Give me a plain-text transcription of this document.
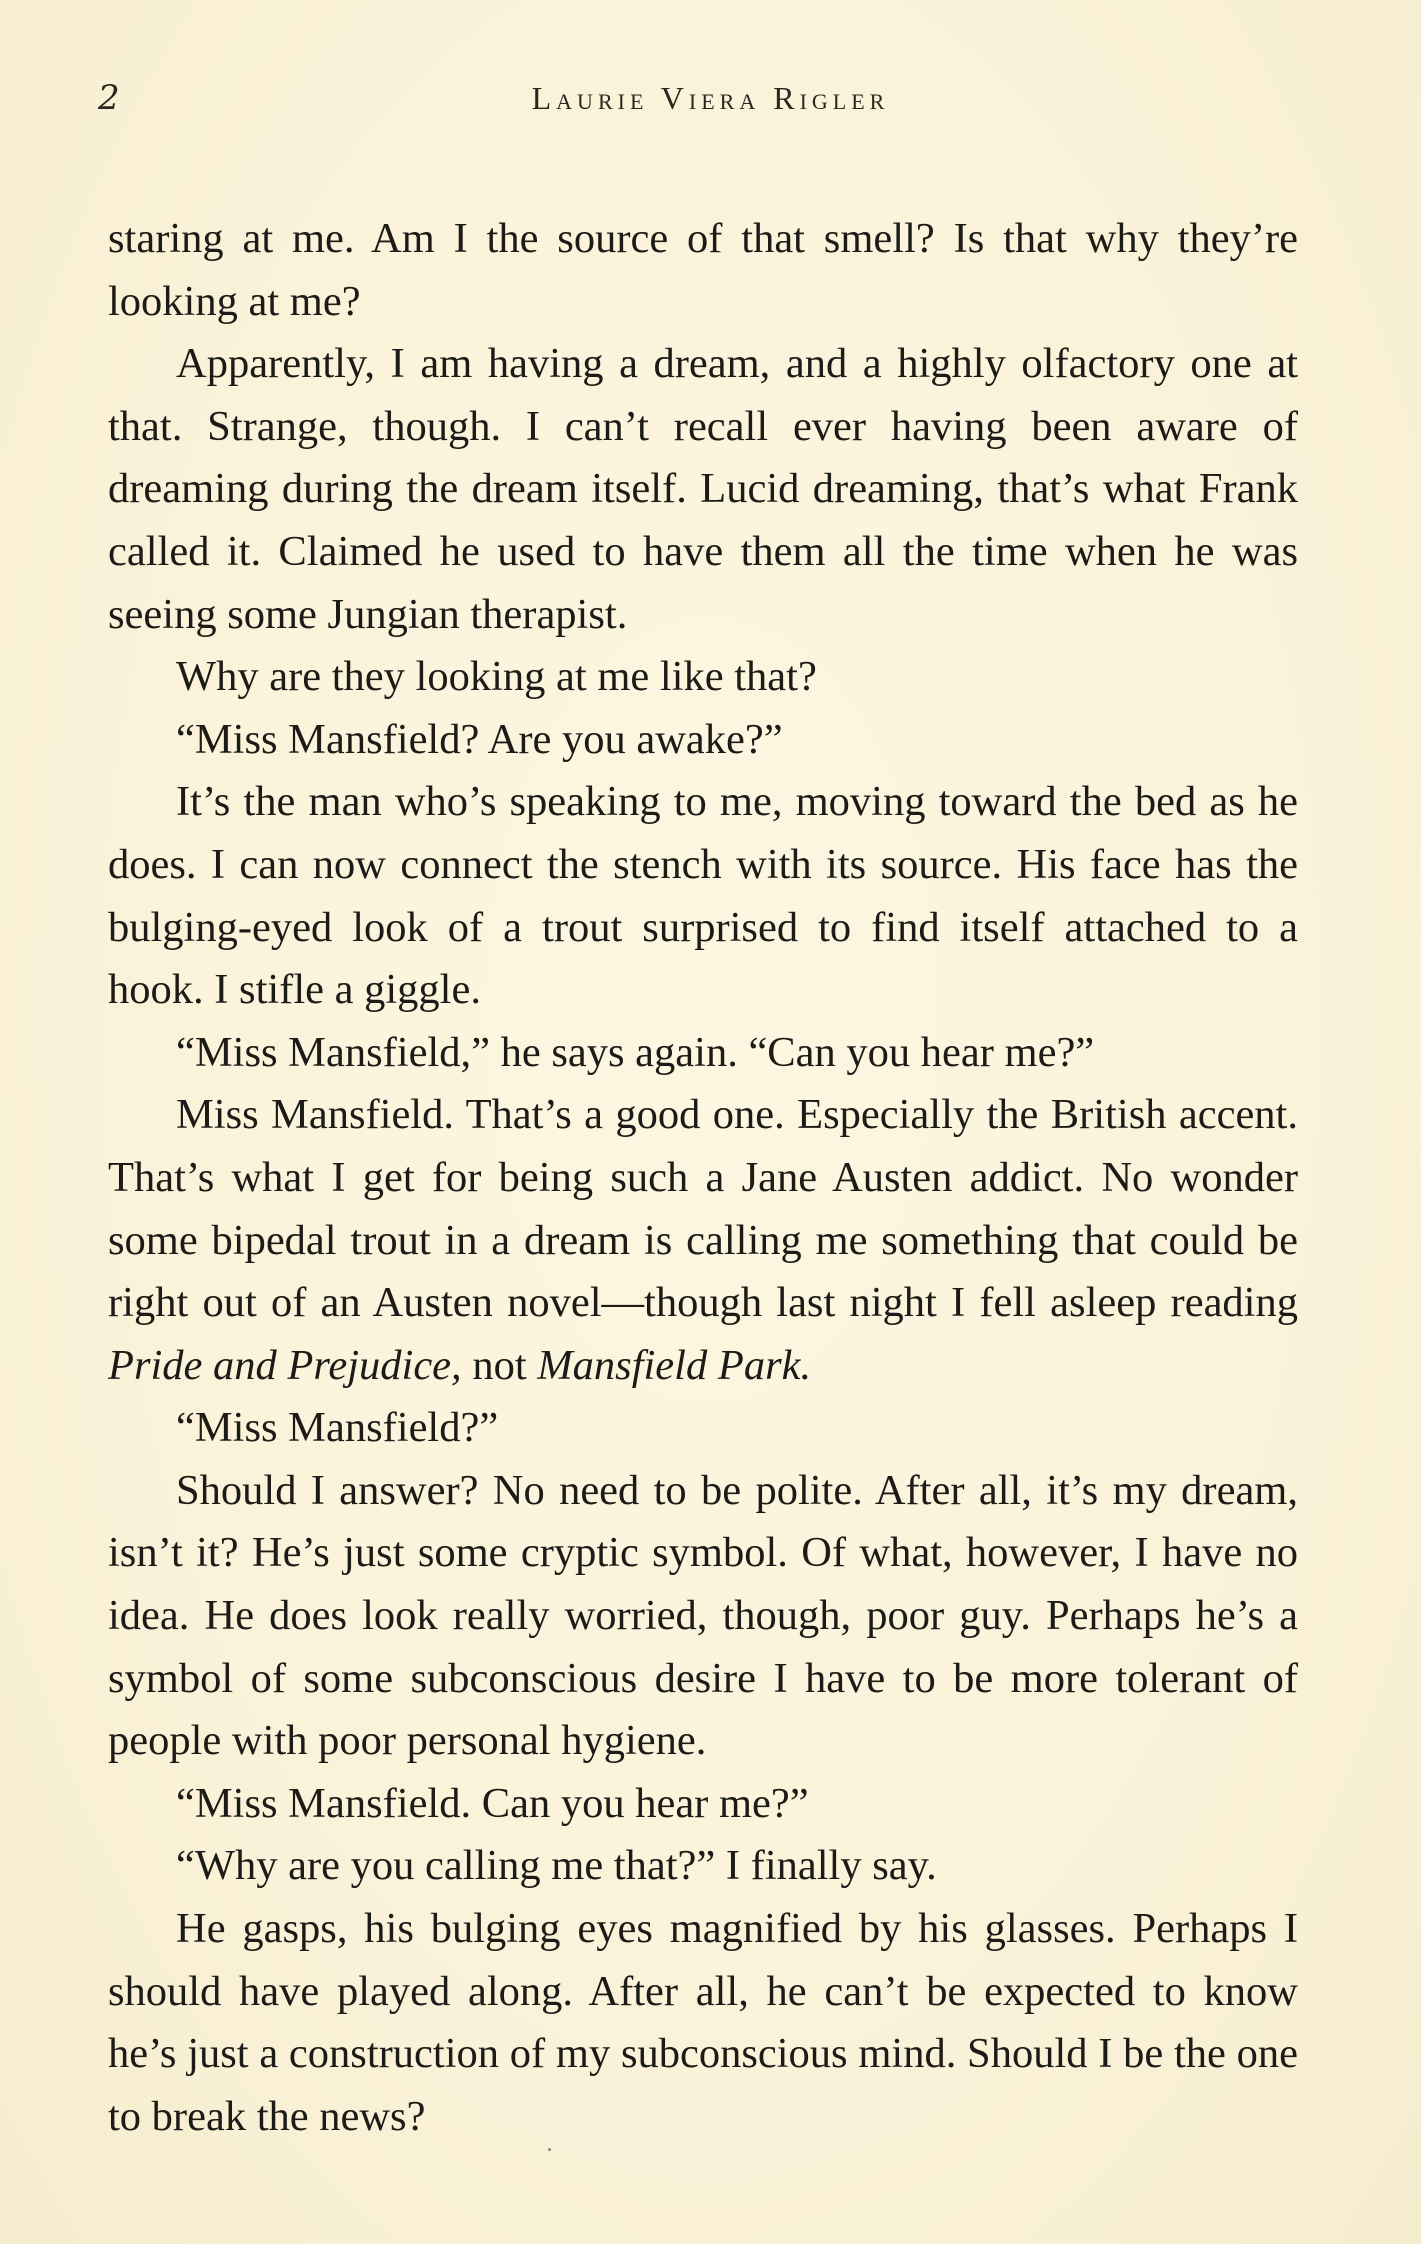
2	Laurie Viera Rigler

staring at me. Am I the source of that smell? Is that why they’re looking at me?

Apparently, I am having a dream, and a highly olfactory one at that. Strange, though. I can’t recall ever having been aware of dreaming during the dream itself. Lucid dreaming, that’s what Frank called it. Claimed he used to have them all the time when he was seeing some Jungian therapist.

Why are they looking at me like that?

“Miss Mansfield? Are you awake?”

It’s the man who’s speaking to me, moving toward the bed as he does. I can now connect the stench with its source. His face has the bulging-eyed look of a trout surprised to find itself attached to a hook. I stifle a giggle.

“Miss Mansfield,” he says again. “Can you hear me?”

Miss Mansfield. That’s a good one. Especially the British accent. That’s what I get for being such a Jane Austen addict. No wonder some bipedal trout in a dream is calling me something that could be right out of an Austen novel—though last night I fell asleep reading Pride and Prejudice, not Mansfield Park.

“Miss Mansfield?”

Should I answer? No need to be polite. After all, it’s my dream, isn’t it? He’s just some cryptic symbol. Of what, however, I have no idea. He does look really worried, though, poor guy. Perhaps he’s a symbol of some subconscious desire I have to be more tolerant of people with poor personal hygiene.

“Miss Mansfield. Can you hear me?”

“Why are you calling me that?” I finally say.

He gasps, his bulging eyes magnified by his glasses. Perhaps I should have played along. After all, he can’t be expected to know he’s just a construction of my subconscious mind. Should I be the one to break the news?
